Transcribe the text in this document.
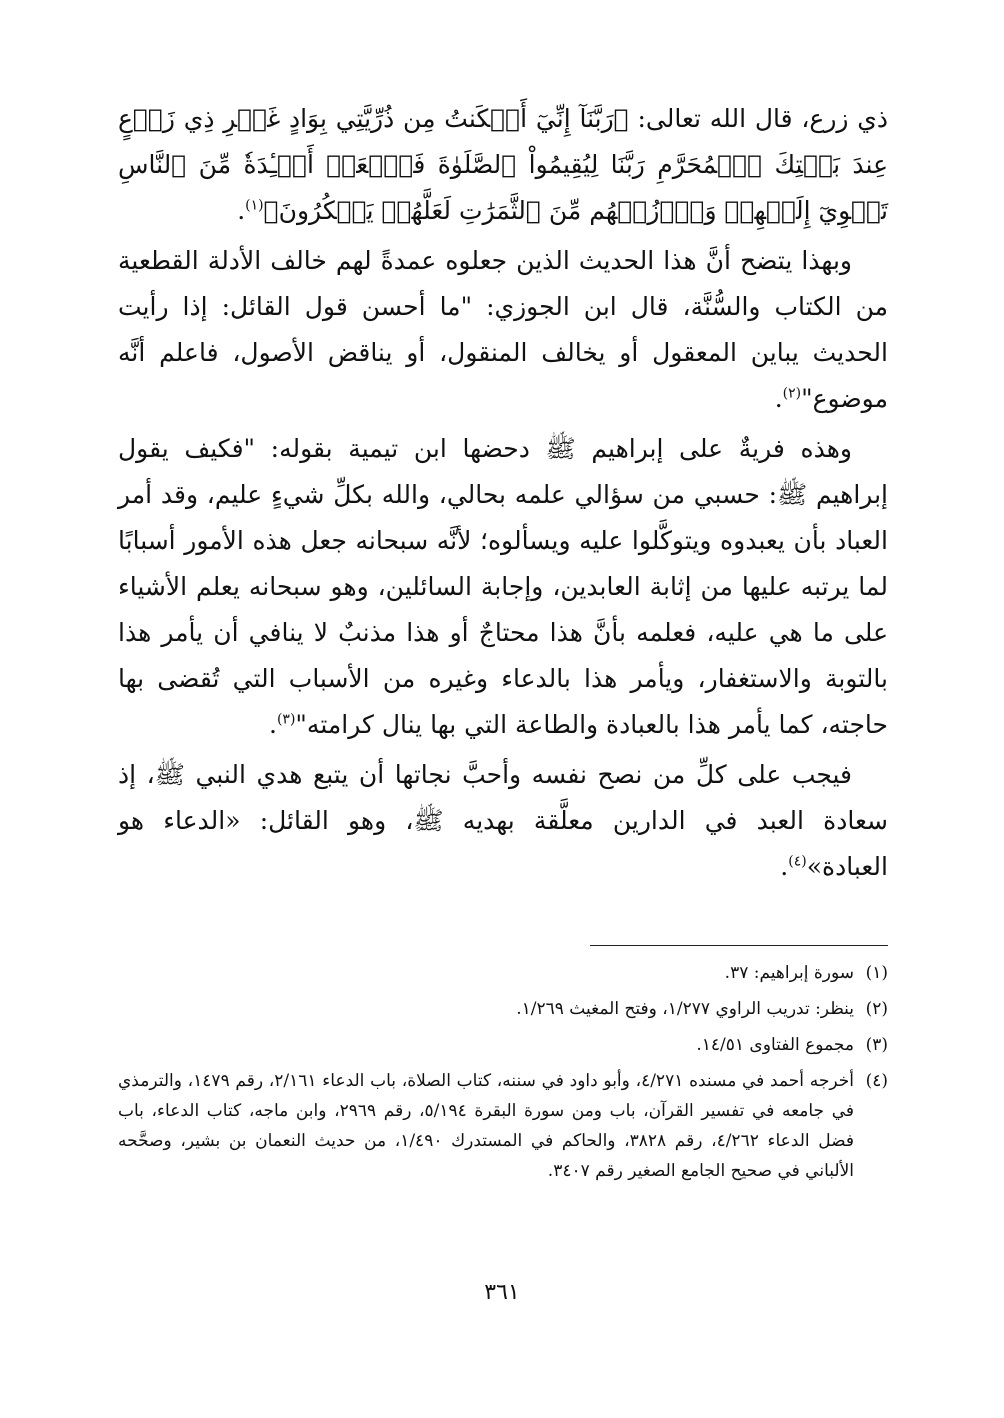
ذي زرع، قال الله تعالى: ﴿رَبَّنَآ إِنِّيٓ أَسۡكَنتُ مِن ذُرِّيَّتِي بِوَادٍ غَيۡرِ ذِي زَرۡعٍ عِندَ بَيۡتِكَ ٱلۡمُحَرَّمِ رَبَّنَا لِيُقِيمُواْ ٱلصَّلَوٰةَ فَٱجۡعَلۡ أَفۡـِٔدَةٗ مِّنَ ٱلنَّاسِ تَهۡوِيٓ إِلَيۡهِمۡ وَٱرۡزُقۡهُم مِّنَ ٱلثَّمَرَٰتِ لَعَلَّهُمۡ يَشۡكُرُونَ﴾$^{(١)}$.

وبهذا يتضح أنَّ هذا الحديث الذين جعلوه عمدةً لهم خالف الأدلة القطعية من الكتاب والسُّنَّة، قال ابن الجوزي: "ما أحسن قول القائل: إذا رأيت الحديث يباين المعقول أو يخالف المنقول، أو يناقض الأصول، فاعلم أنَّه موضوع"$^{(٢)}$.

وهذه فريةٌ على إبراهيم ﷺ دحضها ابن تيمية بقوله: "فكيف يقول إبراهيم ﷺ: حسبي من سؤالي علمه بحالي، والله بكلِّ شيءٍ عليم، وقد أمر العباد بأن يعبدوه ويتوكَّلوا عليه ويسألوه؛ لأنَّه سبحانه جعل هذه الأمور أسبابًا لما يرتبه عليها من إثابة العابدين، وإجابة السائلين، وهو سبحانه يعلم الأشياء على ما هي عليه، فعلمه بأنَّ هذا محتاجٌ أو هذا مذنبٌ لا ينافي أن يأمر هذا بالتوبة والاستغفار، ويأمر هذا بالدعاء وغيره من الأسباب التي تُقضى بها حاجته، كما يأمر هذا بالعبادة والطاعة التي بها ينال كرامته"$^{(٣)}$.

فيجب على كلِّ من نصح نفسه وأحبَّ نجاتها أن يتبع هدي النبي ﷺ، إذ سعادة العبد في الدارين معلَّقة بهديه ﷺ، وهو القائل: «الدعاء هو العبادة»$^{(٤)}$.

(١)
سورة إبراهيم: ٣٧.
(٢)
ينظر: تدريب الراوي ١/٢٧٧، وفتح المغيث ١/٢٦٩.
(٣)
مجموع الفتاوى ١٤/٥١.
(٤)
أخرجه أحمد في مسنده ٤/٢٧١، وأبو داود في سننه، كتاب الصلاة، باب الدعاء ٢/١٦١، رقم ١٤٧٩، والترمذي في جامعه في تفسير القرآن، باب ومن سورة البقرة ٥/١٩٤، رقم ٢٩٦٩، وابن ماجه، كتاب الدعاء، باب فضل الدعاء ٤/٢٦٢، رقم ٣٨٢٨، والحاكم في المستدرك ١/٤٩٠، من حديث النعمان بن بشير، وصحَّحه الألباني في صحيح الجامع الصغير رقم ٣٤٠٧.
٣٦١
